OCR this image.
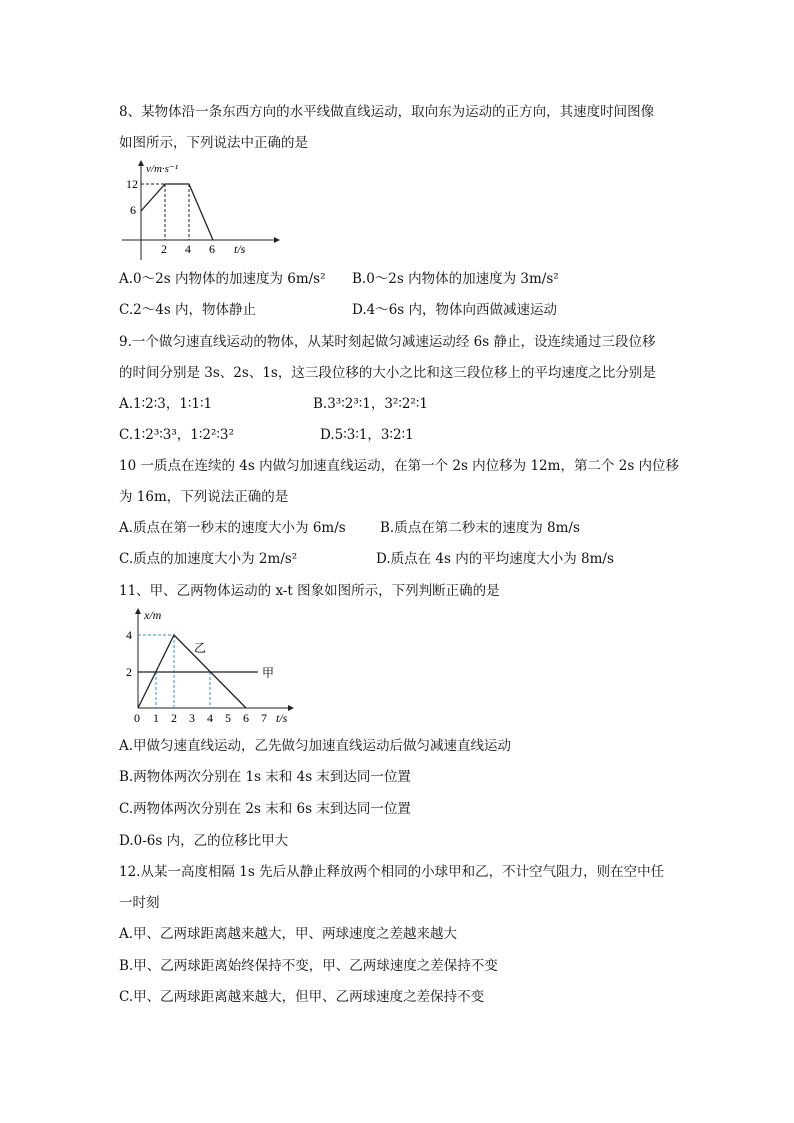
8、某物体沿一条东西方向的水平线做直线运动，取向东为运动的正方向，其速度时间图像
如图所示，下列说法中正确的是
v/m·s⁻¹
12
6
2 4 6 t/s
A.0～2s 内物体的加速度为 6m/s² B.0～2s 内物体的加速度为 3m/s²
C.2～4s 内，物体静止	D.4～6s 内，物体向西做减速运动
9.一个做匀速直线运动的物体，从某时刻起做匀减速运动经 6s 静止，设连续通过三段位移
的时间分别是 3s、2s、1s，这三段位移的大小之比和这三段位移上的平均速度之比分别是
A.1∶2∶3，1∶1∶1	B.3³∶2³∶1，3²∶2²∶1
C.1∶2³∶3³，1∶2²∶3²	D.5∶3∶1，3∶2∶1
10 一质点在连续的 4s 内做匀加速直线运动，在第一个 2s 内位移为 12m，第二个 2s 内位移
为 16m，下列说法正确的是
A.质点在第一秒末的速度大小为 6m/s	B.质点在第二秒末的速度为 8m/s
C.质点的加速度大小为 2m/s²	D.质点在 4s 内的平均速度大小为 8m/s
11、甲、乙两物体运动的 x-t 图象如图所示，下列判断正确的是
x/m
4
2
乙
甲
0 1 2 3 4 5 6 7 t/s
A.甲做匀速直线运动，乙先做匀加速直线运动后做匀减速直线运动
B.两物体两次分别在 1s 末和 4s 末到达同一位置
C.两物体两次分别在 2s 末和 6s 末到达同一位置
D.0-6s 内，乙的位移比甲大
12.从某一高度相隔 1s 先后从静止释放两个相同的小球甲和乙，不计空气阻力，则在空中任
一时刻
A.甲、乙两球距离越来越大，甲、两球速度之差越来越大
B.甲、乙两球距离始终保持不变，甲、乙两球速度之差保持不变
C.甲、乙两球距离越来越大，但甲、乙两球速度之差保持不变
